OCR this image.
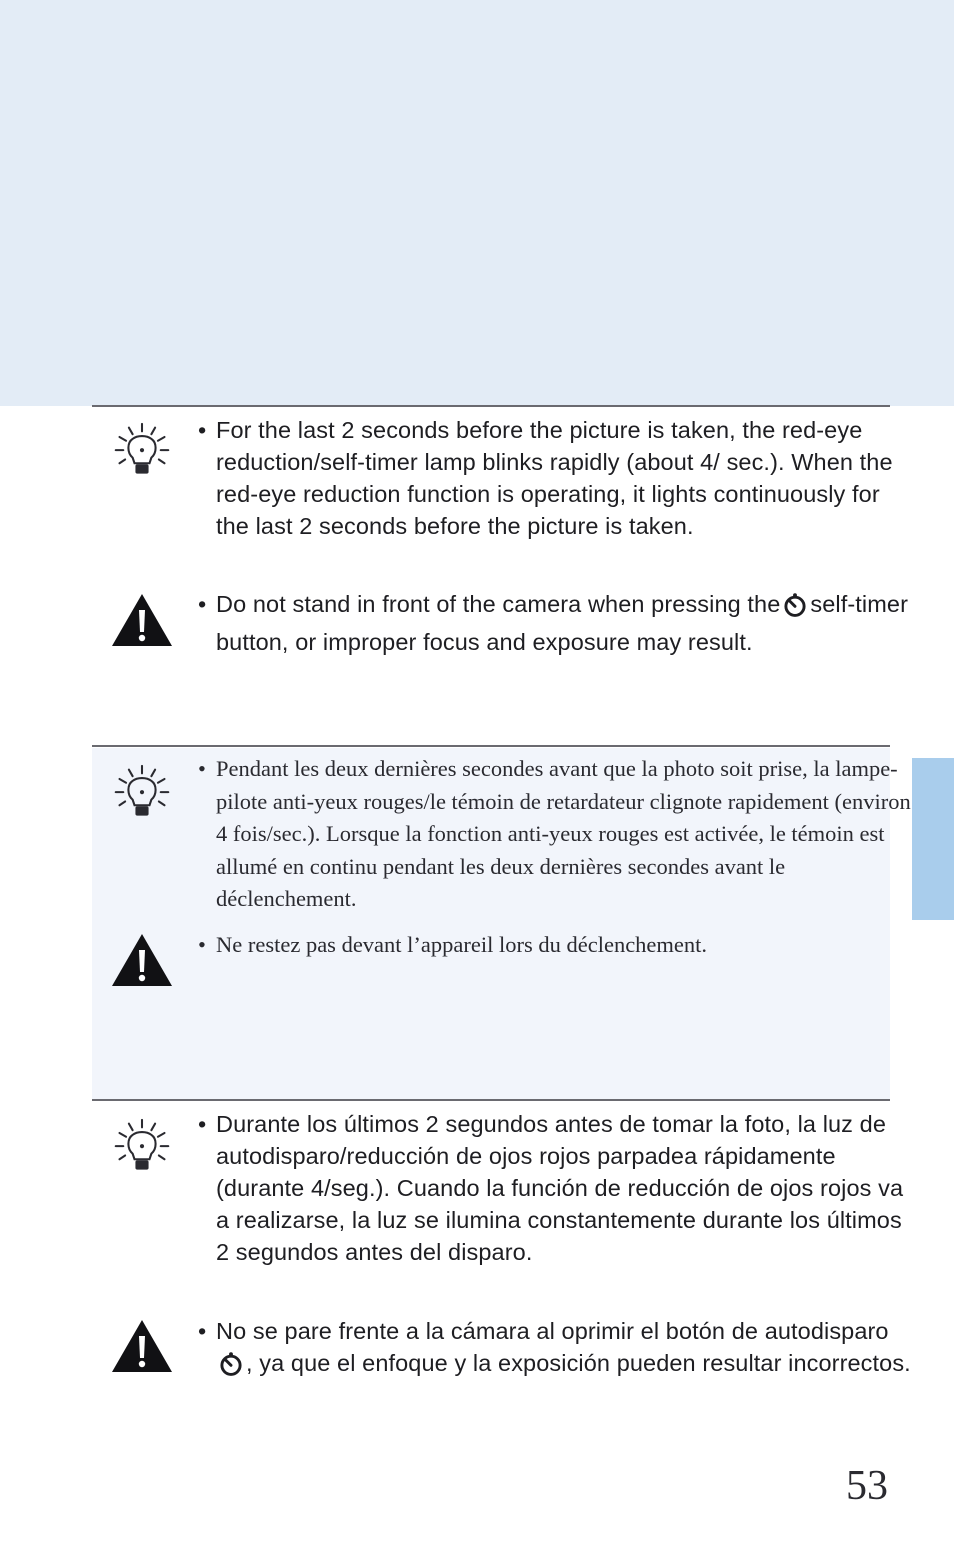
• For the last 2 seconds before the picture is taken, the red-eye reduction/self-timer lamp blinks rapidly (about 4/ sec.). When the red-eye reduction function is operating, it lights continuously for the last 2 seconds before the picture is taken.

• Do not stand in front of the camera when pressing the self-timer button, or improper focus and exposure may result.

• Pendant les deux dernières secondes avant que la photo soit prise, la lampe-pilote anti-yeux rouges/le témoin de retardateur clignote rapidement (environ 4 fois/sec.). Lorsque la fonction anti-yeux rouges est activée, le témoin est allumé en continu pendant les deux dernières secondes avant le déclenchement.

• Ne restez pas devant l’appareil lors du déclenchement.

• Durante los últimos 2 segundos antes de tomar la foto, la luz de autodisparo/reducción de ojos rojos parpadea rápidamente (durante 4/seg.). Cuando la función de reducción de ojos rojos va a realizarse, la luz se ilumina constantemente durante los últimos 2 segundos antes del disparo.

• No se pare frente a la cámara al oprimir el botón de autodisparo, ya que el enfoque y la exposición pueden resultar incorrectos.

53
